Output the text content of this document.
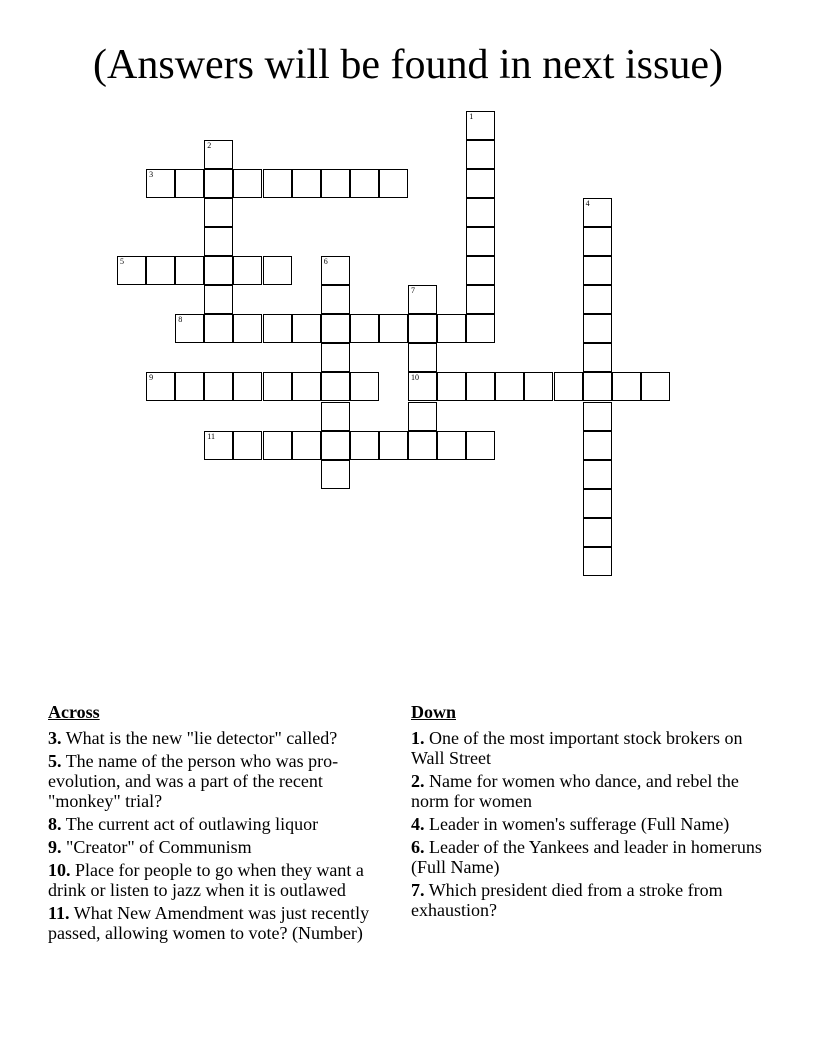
(Answers will be found in next issue)
1
2
3
4
5	6
7
10
8
9
11
Across
3. What is the new "lie detector" called?
5. The name of the person who was pro-evolution, and was a part of the recent "monkey" trial?
8. The current act of outlawing liquor
9. "Creator" of Communism
10. Place for people to go when they want a drink or listen to jazz when it is outlawed
11. What New Amendment was just recently passed, allowing women to vote? (Number)
Down
1. One of the most important stock brokers on Wall Street
2. Name for women who dance, and rebel the norm for women
4. Leader in women's sufferage (Full Name)
6. Leader of the Yankees and leader in homeruns (Full Name)
7. Which president died from a stroke from exhaustion?
